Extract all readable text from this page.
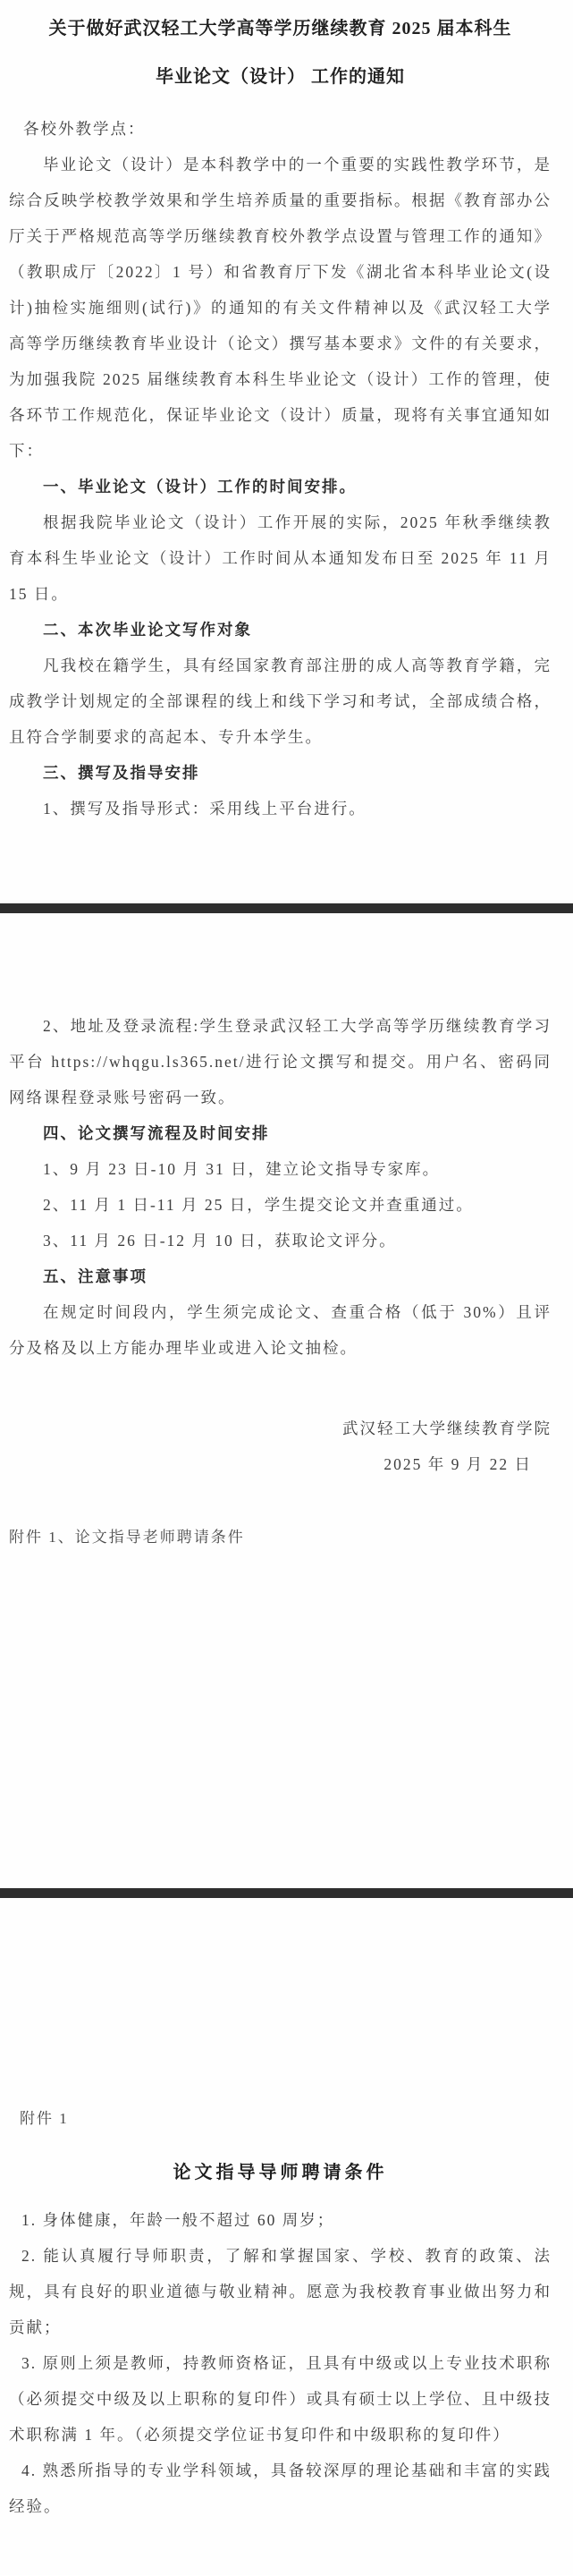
关于做好武汉轻工大学高等学历继续教育 2025 届本科生
毕业论文（设计） 工作的通知
各校外教学点：

毕业论文（设计）是本科教学中的一个重要的实践性教学环节，是综合反映学校教学效果和学生培养质量的重要指标。根据《教育部办公厅关于严格规范高等学历继续教育校外教学点设置与管理工作的通知》（教职成厅〔2022〕1 号）和省教育厅下发《湖北省本科毕业论文(设计)抽检实施细则(试行)》的通知的有关文件精神以及《武汉轻工大学高等学历继续教育毕业设计（论文）撰写基本要求》文件的有关要求，为加强我院 2025 届继续教育本科生毕业论文（设计）工作的管理，使各环节工作规范化，保证毕业论文（设计）质量，现将有关事宜通知如下：

一、毕业论文（设计）工作的时间安排。

根据我院毕业论文（设计）工作开展的实际，2025 年秋季继续教育本科生毕业论文（设计）工作时间从本通知发布日至 2025 年 11 月 15 日。

二、本次毕业论文写作对象

凡我校在籍学生，具有经国家教育部注册的成人高等教育学籍，完成教学计划规定的全部课程的线上和线下学习和考试，全部成绩合格，且符合学制要求的高起本、专升本学生。

三、撰写及指导安排
1、撰写及指导形式：采用线上平台进行。

2、地址及登录流程:学生登录武汉轻工大学高等学历继续教育学习平台 https://whqgu.ls365.net/进行论文撰写和提交。用户名、密码同网络课程登录账号密码一致。

四、论文撰写流程及时间安排
1、9 月 23 日-10 月 31 日，建立论文指导专家库。
2、11 月 1 日-11 月 25 日，学生提交论文并查重通过。
3、11 月 26 日-12 月 10 日，获取论文评分。
五、注意事项

在规定时间段内，学生须完成论文、查重合格（低于 30%）且评分及格及以上方能办理毕业或进入论文抽检。

武汉轻工大学继续教育学院
2025 年 9 月 22 日
附件 1、论文指导老师聘请条件
附件 1
论文指导导师聘请条件

1. 身体健康，年龄一般不超过 60 周岁；

2. 能认真履行导师职责，了解和掌握国家、学校、教育的政策、法规，具有良好的职业道德与敬业精神。愿意为我校教育事业做出努力和贡献；

3. 原则上须是教师，持教师资格证，且具有中级或以上专业技术职称（必须提交中级及以上职称的复印件）或具有硕士以上学位、且中级技术职称满 1 年。（必须提交学位证书复印件和中级职称的复印件）

4. 熟悉所指导的专业学科领域，具备较深厚的理论基础和丰富的实践经验。
